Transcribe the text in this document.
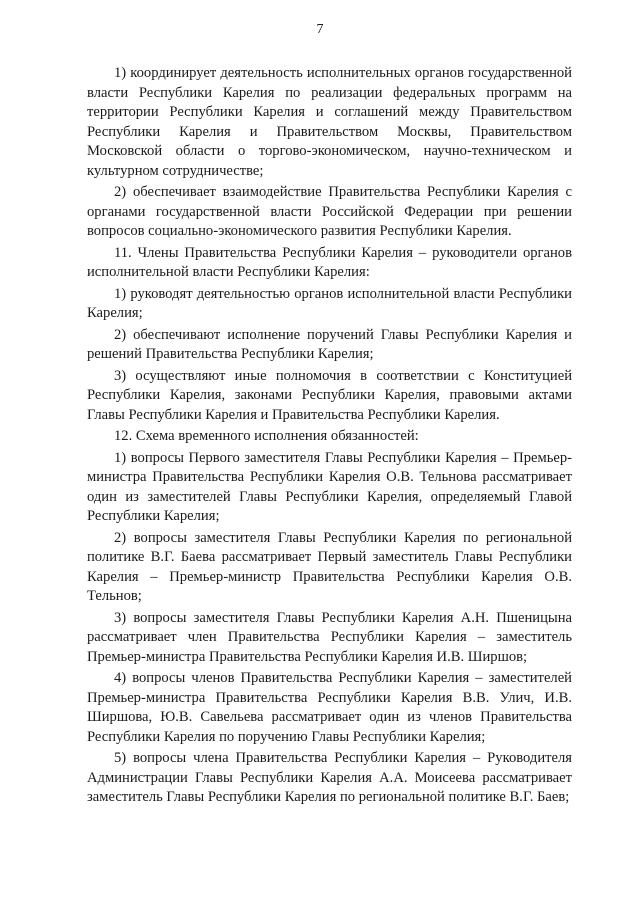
7

1) координирует деятельность исполнительных органов государственной власти Республики Карелия по реализации федеральных программ на территории Республики Карелия и соглашений между Правительством Республики Карелия и Правительством Москвы, Правительством Московской области о торгово-экономическом, научно-техническом и культурном сотрудничестве;

2) обеспечивает взаимодействие Правительства Республики Карелия с органами государственной власти Российской Федерации при решении вопросов социально-экономического развития Республики Карелия.

11. Члены Правительства Республики Карелия – руководители органов исполнительной власти Республики Карелия:

1) руководят деятельностью органов исполнительной власти Республики Карелия;

2) обеспечивают исполнение поручений Главы Республики Карелия и решений Правительства Республики Карелия;

3) осуществляют иные полномочия в соответствии с Конституцией Республики Карелия, законами Республики Карелия, правовыми актами Главы Республики Карелия и Правительства Республики Карелия.

12. Схема временного исполнения обязанностей:

1) вопросы Первого заместителя Главы Республики Карелия – Премьер-министра Правительства Республики Карелия О.В. Тельнова рассматривает один из заместителей Главы Республики Карелия, определяемый Главой Республики Карелия;

2) вопросы заместителя Главы Республики Карелия по региональной политике В.Г. Баева рассматривает Первый заместитель Главы Республики Карелия – Премьер-министр Правительства Республики Карелия О.В. Тельнов;

3) вопросы заместителя Главы Республики Карелия А.Н. Пшеницына рассматривает член Правительства Республики Карелия – заместитель Премьер-министра Правительства Республики Карелия И.В. Ширшов;

4) вопросы членов Правительства Республики Карелия – заместителей Премьер-министра Правительства Республики Карелия В.В. Улич, И.В. Ширшова, Ю.В. Савельева рассматривает один из членов Правительства Республики Карелия по поручению Главы Республики Карелия;

5) вопросы члена Правительства Республики Карелия – Руководителя Администрации Главы Республики Карелия А.А. Моисеева рассматривает заместитель Главы Республики Карелия по региональной политике В.Г. Баев;
